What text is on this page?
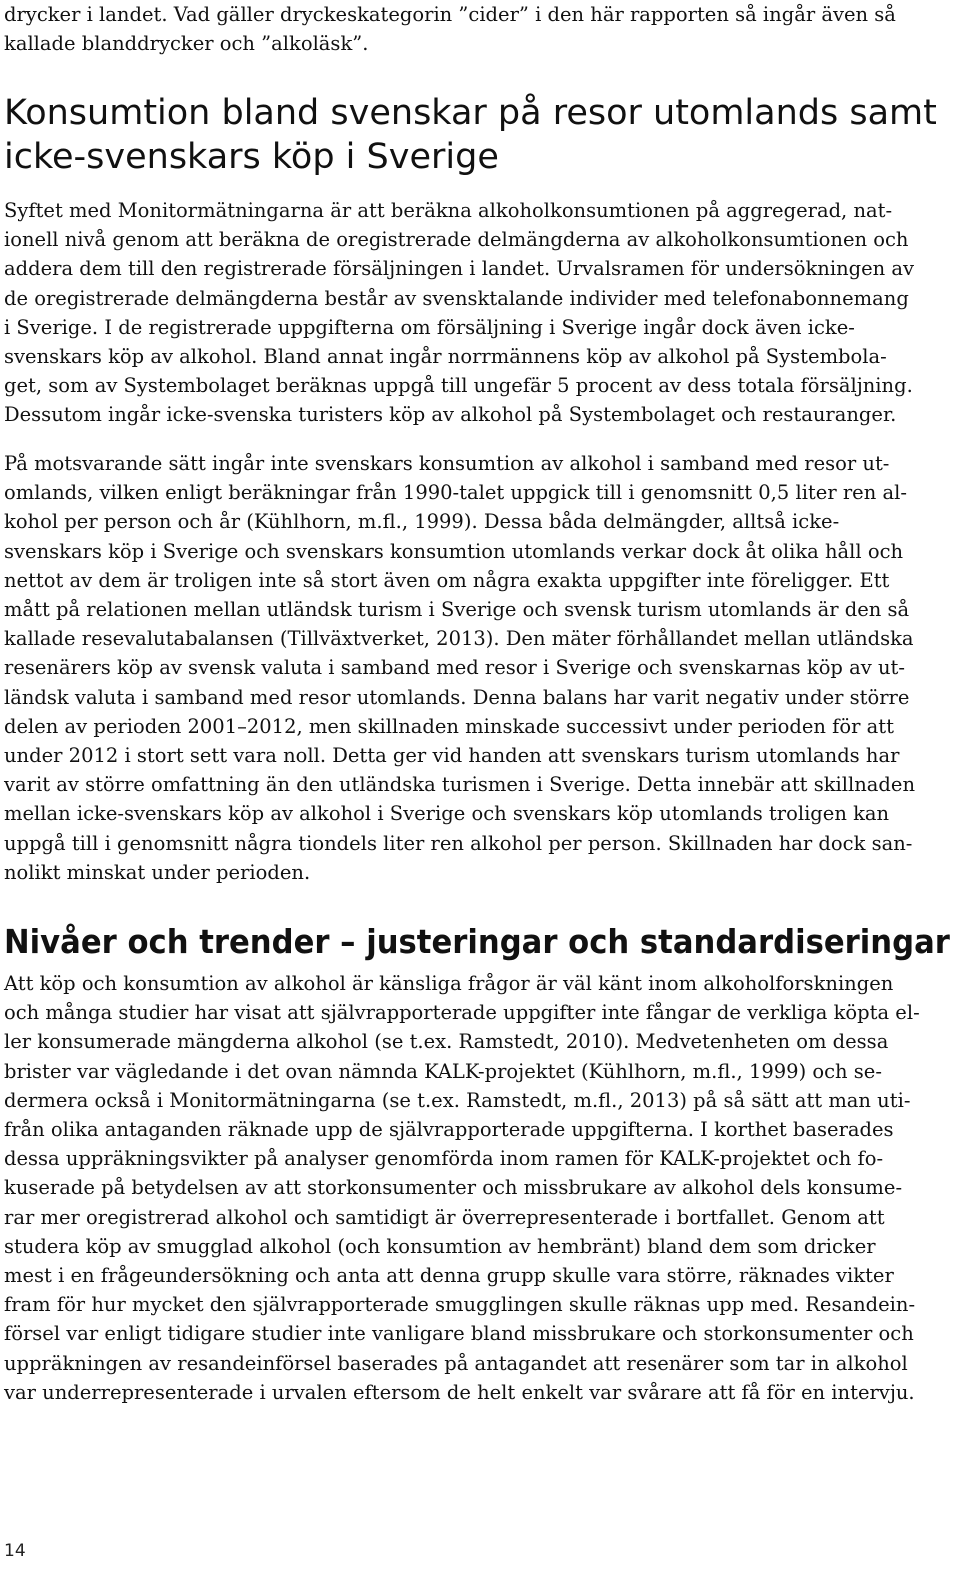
drycker i landet. Vad gäller dryckeskategorin ”cider” i den här rapporten så ingår även så
kallade blanddrycker och ”alkoläsk”.
Konsumtion bland svenskar på resor utomlands samt
icke-svenskars köp i Sverige
Syftet med Monitormätningarna är att beräkna alkoholkonsumtionen på aggregerad, nat-
ionell nivå genom att beräkna de oregistrerade delmängderna av alkoholkonsumtionen och
addera dem till den registrerade försäljningen i landet. Urvalsramen för undersökningen av
de oregistrerade delmängderna består av svensktalande individer med telefonabonnemang
i Sverige. I de registrerade uppgifterna om försäljning i Sverige ingår dock även icke-
svenskars köp av alkohol. Bland annat ingår norrmännens köp av alkohol på Systembola-
get, som av Systembolaget beräknas uppgå till ungefär 5 procent av dess totala försäljning.
Dessutom ingår icke-svenska turisters köp av alkohol på Systembolaget och restauranger.
På motsvarande sätt ingår inte svenskars konsumtion av alkohol i samband med resor ut-
omlands, vilken enligt beräkningar från 1990-talet uppgick till i genomsnitt 0,5 liter ren al-
kohol per person och år (Kühlhorn, m.fl., 1999). Dessa båda delmängder, alltså icke-
svenskars köp i Sverige och svenskars konsumtion utomlands verkar dock åt olika håll och
nettot av dem är troligen inte så stort även om några exakta uppgifter inte föreligger. Ett
mått på relationen mellan utländsk turism i Sverige och svensk turism utomlands är den så
kallade resevalutabalansen (Tillväxtverket, 2013). Den mäter förhållandet mellan utländska
resenärers köp av svensk valuta i samband med resor i Sverige och svenskarnas köp av ut-
ländsk valuta i samband med resor utomlands. Denna balans har varit negativ under större
delen av perioden 2001–2012, men skillnaden minskade successivt under perioden för att
under 2012 i stort sett vara noll. Detta ger vid handen att svenskars turism utomlands har
varit av större omfattning än den utländska turismen i Sverige. Detta innebär att skillnaden
mellan icke-svenskars köp av alkohol i Sverige och svenskars köp utomlands troligen kan
uppgå till i genomsnitt några tiondels liter ren alkohol per person. Skillnaden har dock san-
nolikt minskat under perioden.
Nivåer och trender – justeringar och standardiseringar
Att köp och konsumtion av alkohol är känsliga frågor är väl känt inom alkoholforskningen
och många studier har visat att självrapporterade uppgifter inte fångar de verkliga köpta el-
ler konsumerade mängderna alkohol (se t.ex. Ramstedt, 2010). Medvetenheten om dessa
brister var vägledande i det ovan nämnda KALK-projektet (Kühlhorn, m.fl., 1999) och se-
dermera också i Monitormätningarna (se t.ex. Ramstedt, m.fl., 2013) på så sätt att man uti-
från olika antaganden räknade upp de självrapporterade uppgifterna. I korthet baserades
dessa uppräkningsvikter på analyser genomförda inom ramen för KALK-projektet och fo-
kuserade på betydelsen av att storkonsumenter och missbrukare av alkohol dels konsume-
rar mer oregistrerad alkohol och samtidigt är överrepresenterade i bortfallet. Genom att
studera köp av smugglad alkohol (och konsumtion av hembränt) bland dem som dricker
mest i en frågeundersökning och anta att denna grupp skulle vara större, räknades vikter
fram för hur mycket den självrapporterade smugglingen skulle räknas upp med. Resandein-
försel var enligt tidigare studier inte vanligare bland missbrukare och storkonsumenter och
uppräkningen av resandeinförsel baserades på antagandet att resenärer som tar in alkohol
var underrepresenterade i urvalen eftersom de helt enkelt var svårare att få för en intervju.
14
